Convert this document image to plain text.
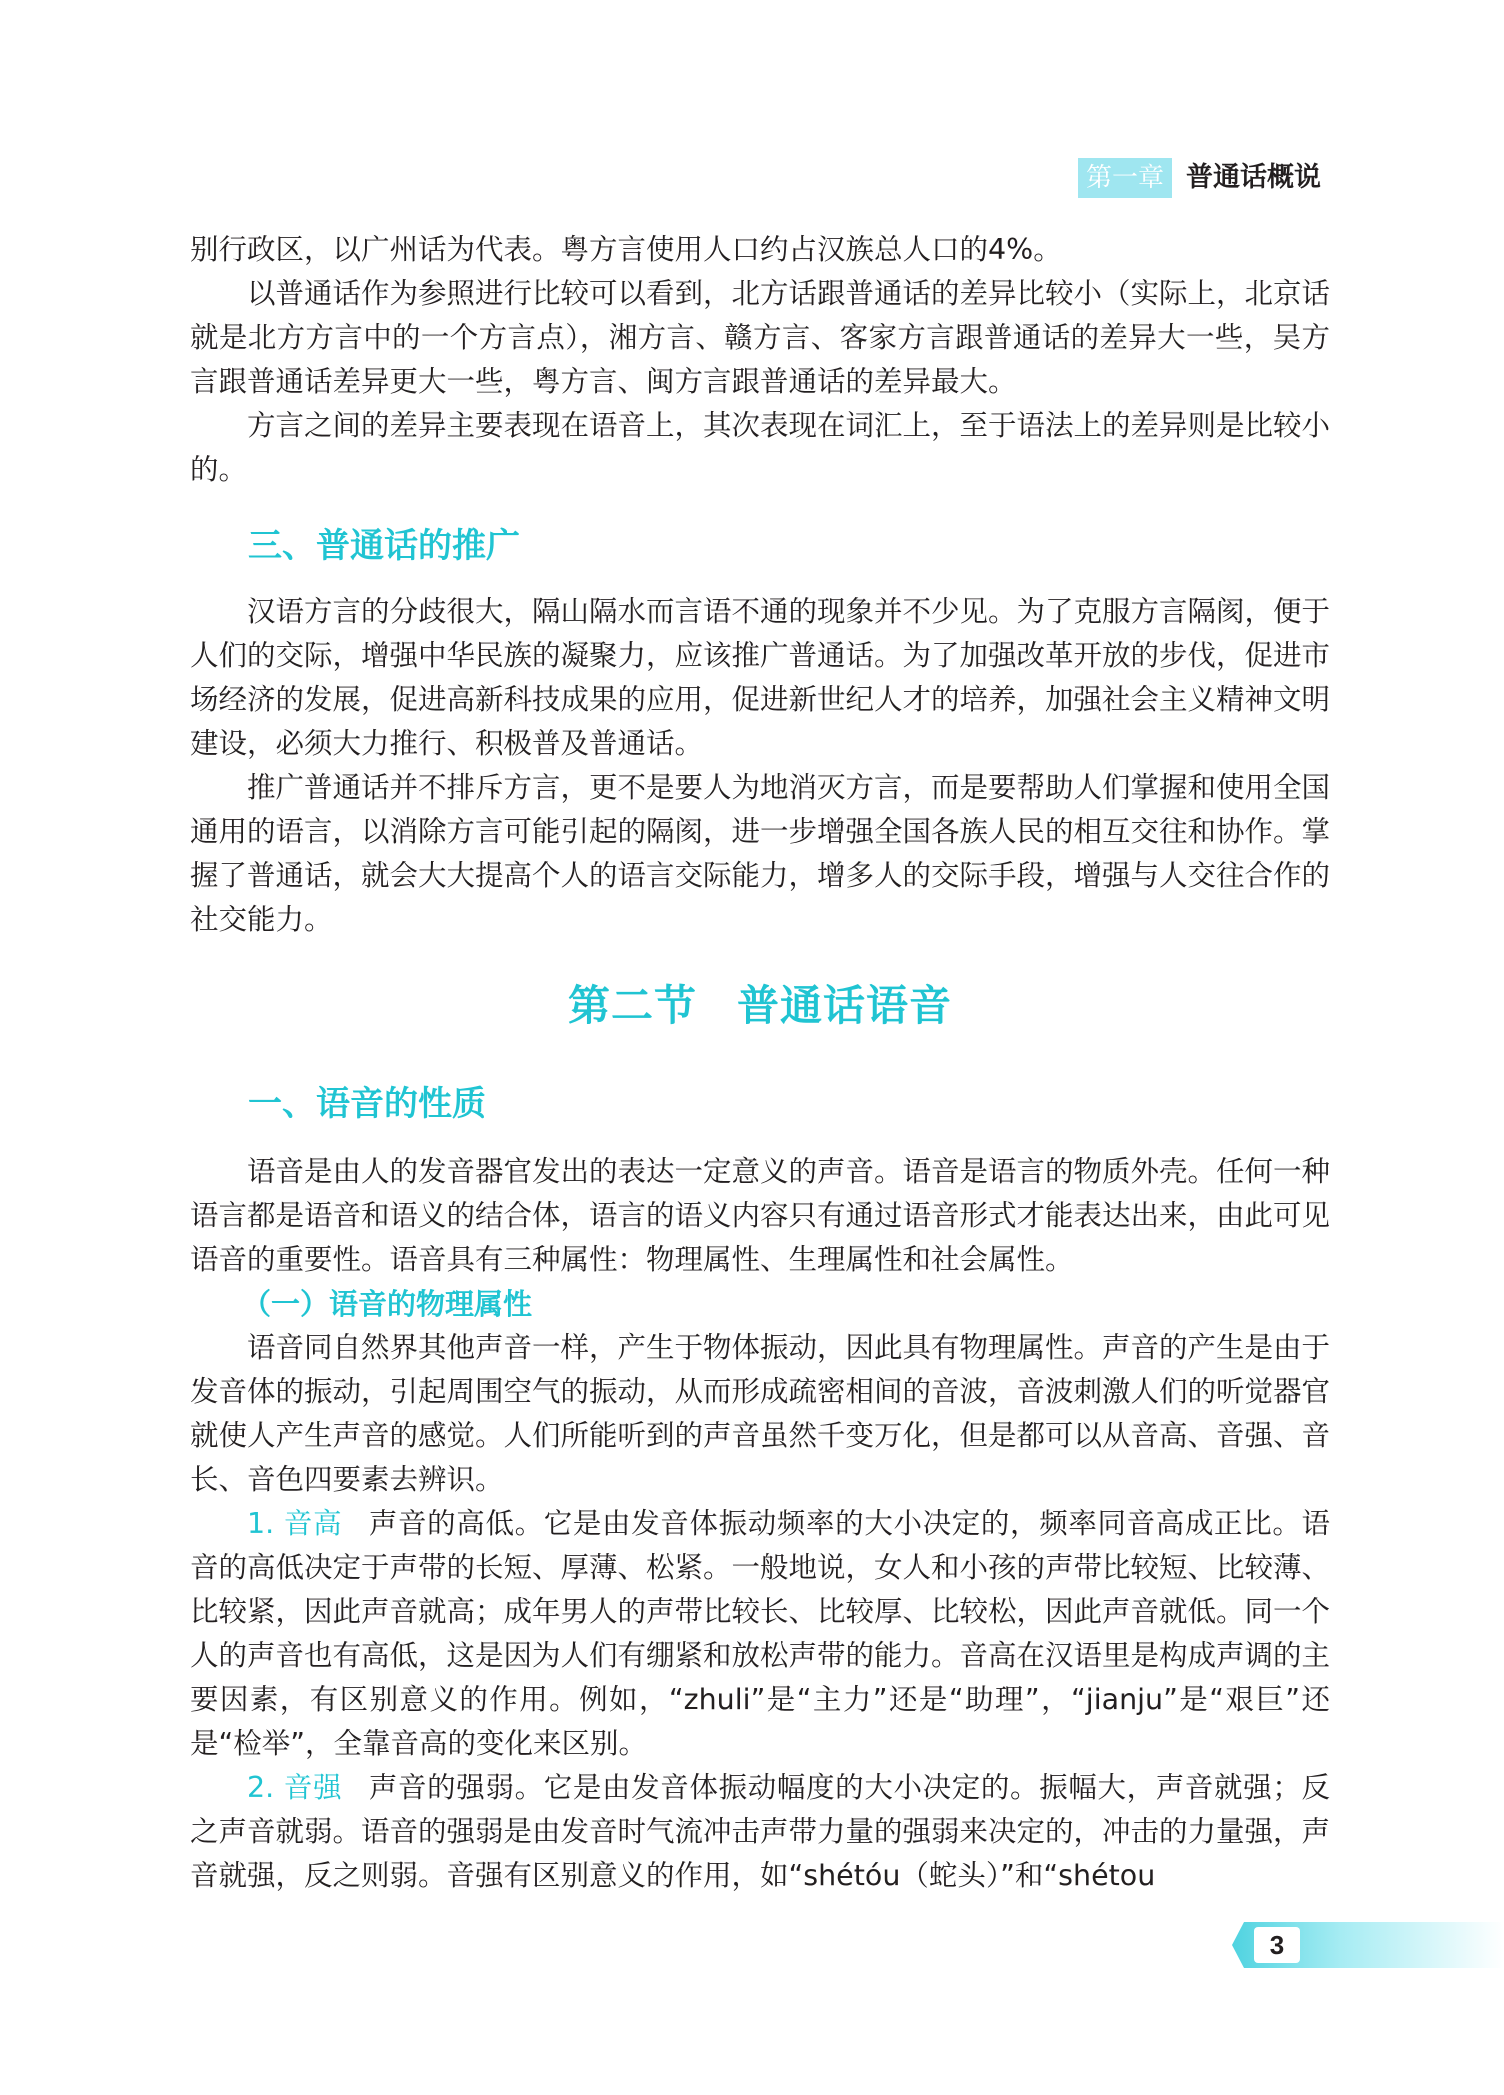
第一章 普通话概说

别行政区，以广州话为代表。粤方言使用人口约占汉族总人口的4%。

以普通话作为参照进行比较可以看到，北方话跟普通话的差异比较小（实际上，北京话就是北方方言中的一个方言点），湘方言、赣方言、客家方言跟普通话的差异大一些，吴方言跟普通话差异更大一些，粤方言、闽方言跟普通话的差异最大。

方言之间的差异主要表现在语音上，其次表现在词汇上，至于语法上的差异则是比较小的。

三、普通话的推广

汉语方言的分歧很大，隔山隔水而言语不通的现象并不少见。为了克服方言隔阂，便于人们的交际，增强中华民族的凝聚力，应该推广普通话。为了加强改革开放的步伐，促进市场经济的发展，促进高新科技成果的应用，促进新世纪人才的培养，加强社会主义精神文明建设，必须大力推行、积极普及普通话。

推广普通话并不排斥方言，更不是要人为地消灭方言，而是要帮助人们掌握和使用全国通用的语言，以消除方言可能引起的隔阂，进一步增强全国各族人民的相互交往和协作。掌握了普通话，就会大大提高个人的语言交际能力，增多人的交际手段，增强与人交往合作的社交能力。

第二节 普通话语音
一、语音的性质

语音是由人的发音器官发出的表达一定意义的声音。语音是语言的物质外壳。任何一种语言都是语音和语义的结合体，语言的语义内容只有通过语音形式才能表达出来，由此可见语音的重要性。语音具有三种属性：物理属性、生理属性和社会属性。

（一）语音的物理属性

语音同自然界其他声音一样，产生于物体振动，因此具有物理属性。声音的产生是由于发音体的振动，引起周围空气的振动，从而形成疏密相间的音波，音波刺激人们的听觉器官就使人产生声音的感觉。人们所能听到的声音虽然千变万化，但是都可以从音高、音强、音长、音色四要素去辨识。

1. 音高 声音的高低。它是由发音体振动频率的大小决定的，频率同音高成正比。语音的高低决定于声带的长短、厚薄、松紧。一般地说，女人和小孩的声带比较短、比较薄、比较紧，因此声音就高；成年男人的声带比较长、比较厚、比较松，因此声音就低。同一个人的声音也有高低，这是因为人们有绷紧和放松声带的能力。音高在汉语里是构成声调的主要因素，有区别意义的作用。例如，“zhuli”是“主力”还是“助理”，“jianju”是“艰巨”还是“检举”，全靠音高的变化来区别。

2. 音强 声音的强弱。它是由发音体振动幅度的大小决定的。振幅大，声音就强；反之声音就弱。语音的强弱是由发音时气流冲击声带力量的强弱来决定的，冲击的力量强，声音就强，反之则弱。音强有区别意义的作用，如“shétóu（蛇头）”和“shétou

3
